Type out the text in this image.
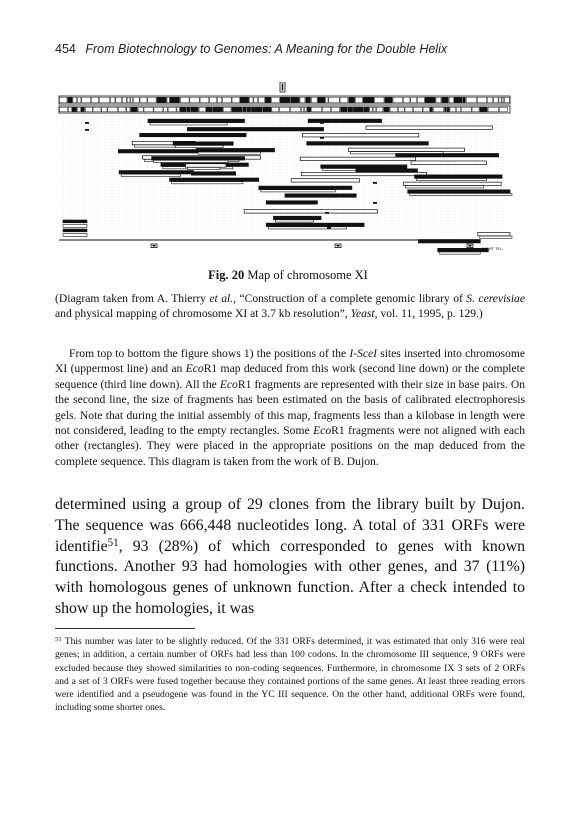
454 From Biotechnology to Genomes: A Meaning for the Double Helix
RIGHT TEL.
Fig. 20 Map of chromosome XI
(Diagram taken from A. Thierry et al., “Construction of a complete genomic library of S. cerevisiae and physical mapping of chromosome XI at 3.7 kb resolution”, Yeast, vol. 11, 1995, p. 129.)
From top to bottom the figure shows 1) the positions of the I-SceI sites inserted into chromosome XI (uppermost line) and an EcoR1 map deduced from this work (second line down) or the complete sequence (third line down). All the EcoR1 fragments are represented with their size in base pairs. On the second line, the size of fragments has been estimated on the basis of calibrated electrophoresis gels. Note that during the initial assembly of this map, fragments less than a kilobase in length were not considered, leading to the empty rectangles. Some EcoR1 fragments were not aligned with each other (rectangles). They were placed in the appropriate positions on the map deduced from the complete sequence. This diagram is taken from the work of B. Dujon.
determined using a group of 29 clones from the library built by Dujon. The sequence was 666,448 nucleotides long. A total of 331 ORFs were identifie$^{51}$, 93 (28%) of which corresponded to genes with known functions. Another 93 had homologies with other genes, and 37 (11%) with homologous genes of unknown function. After a check intended to show up the homologies, it was
$^{51}$ This number was later to be slightly reduced. Of the 331 ORFs determined, it was estimated that only 316 were real genes; in addition, a certain number of ORFs had less than 100 codons. In the chromosome III sequence, 9 ORFs were excluded because they showed similarities to non-coding sequences. Furthermore, in chromosome IX 3 sets of 2 ORFs and a set of 3 ORFs were fused together because they contained portions of the same genes. At least three reading errors were identified and a pseudogene was found in the YC III sequence. On the other hand, additional ORFs were found, including some shorter ones.
